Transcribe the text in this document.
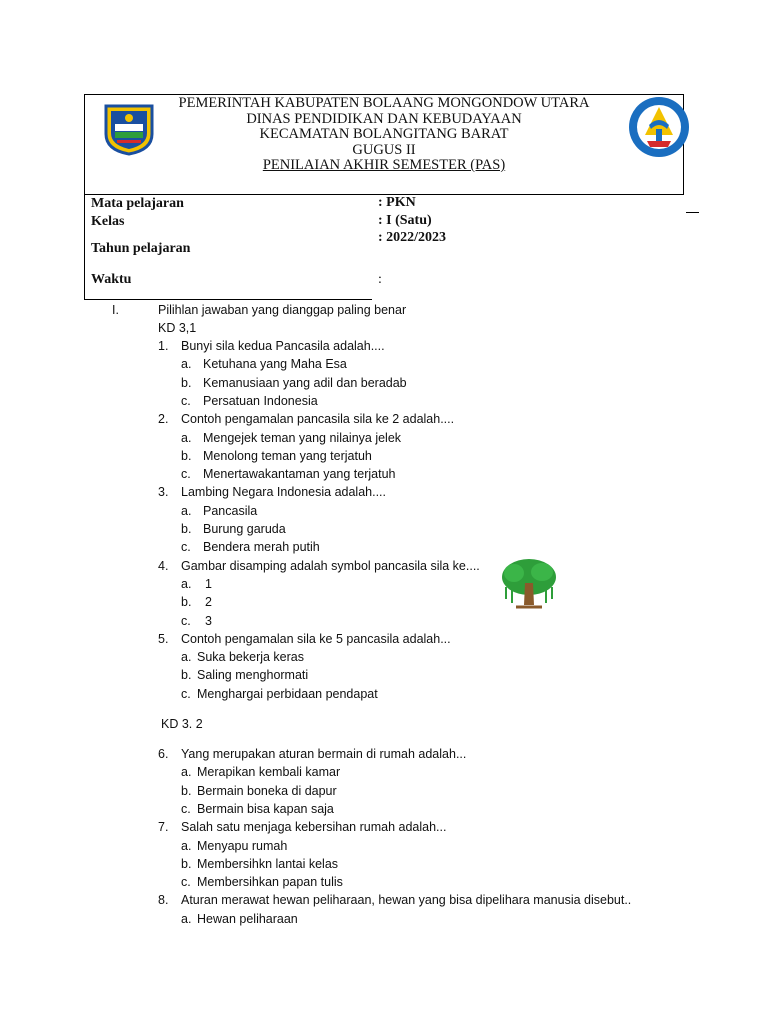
PEMERINTAH KABUPATEN BOLAANG MONGONDOW UTARA
DINAS PENDIDIKAN DAN KEBUDAYAAN
KECAMATAN BOLANGITANG BARAT
GUGUS II
PENILAIAN AKHIR SEMESTER (PAS)
Mata pelajaran
Kelas
Tahun pelajaran
Waktu
: PKN
: I (Satu)
: 2022/2023
:
I.	Pilihlan jawaban yang dianggap paling benar
KD 3,1
1. Bunyi sila kedua Pancasila adalah....
a. Ketuhana yang Maha Esa
b. Kemanusiaan yang adil dan beradab
c. Persatuan Indonesia
2. Contoh pengamalan pancasila sila ke 2 adalah....
a. Mengejek teman yang nilainya jelek
b. Menolong teman yang terjatuh
c. Menertawakantaman yang terjatuh
3. Lambing Negara Indonesia adalah....
a. Pancasila
b. Burung garuda
c. Bendera merah putih
4. Gambar disamping adalah symbol pancasila sila ke....
a. 1
b. 2
c. 3
5. Contoh pengamalan sila ke 5 pancasila adalah...
a. Suka bekerja keras
b. Saling menghormati
c. Menghargai perbidaan pendapat
KD 3. 2
6. Yang merupakan aturan bermain di rumah adalah...
a. Merapikan kembali kamar
b. Bermain boneka di dapur
c. Bermain bisa kapan saja
7. Salah satu menjaga kebersihan rumah adalah...
a. Menyapu rumah
b. Membersihkn lantai kelas
c. Membersihkan papan tulis
8. Aturan merawat hewan peliharaan, hewan yang bisa dipelihara manusia disebut..
a. Hewan peliharaan
